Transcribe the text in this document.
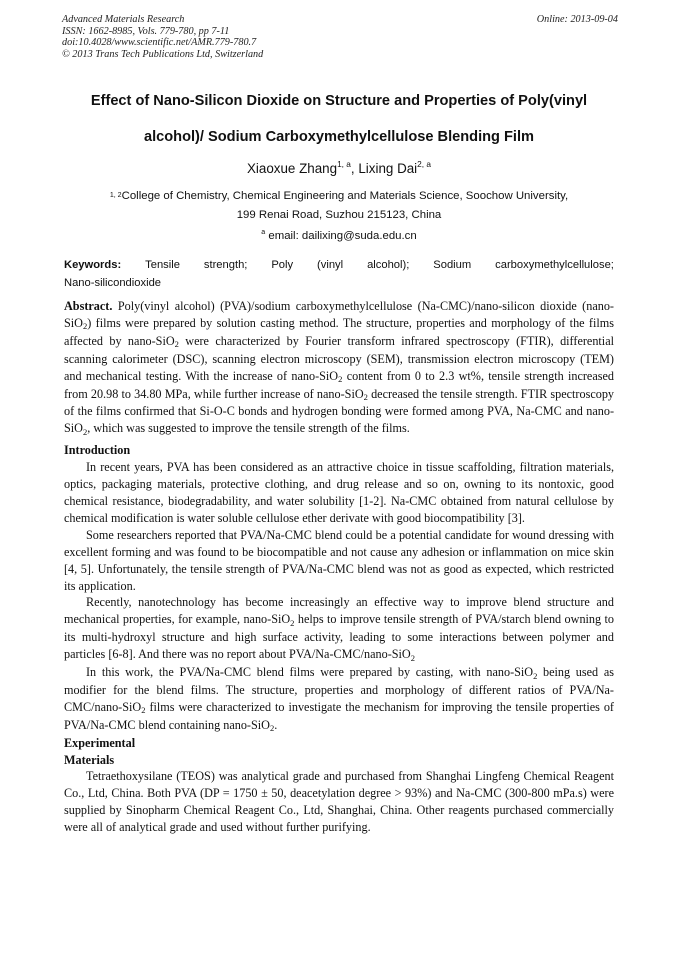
Advanced Materials Research
ISSN: 1662-8985, Vols. 779-780, pp 7-11
doi:10.4028/www.scientific.net/AMR.779-780.7
© 2013 Trans Tech Publications Ltd, Switzerland
Online: 2013-09-04
Effect of Nano-Silicon Dioxide on Structure and Properties of Poly(vinyl
alcohol)/ Sodium Carboxymethylcellulose Blending Film
Xiaoxue Zhang$^{1, a}$, Lixing Dai$^{2, a}$
$^{1, 2}$College of Chemistry, Chemical Engineering and Materials Science, Soochow University,
199 Renai Road, Suzhou 215123, China
$^a$ email: dailixing@suda.edu.cn
Keywords: Tensile strength; Poly (vinyl alcohol); Sodium carboxymethylcellulose;
Nano-silicondioxide

Abstract. Poly(vinyl alcohol) (PVA)/sodium carboxymethylcellulose (Na-CMC)/nano-silicon dioxide (nano-SiO$_2$) films were prepared by solution casting method. The structure, properties and morphology of the films affected by nano-SiO$_2$ were characterized by Fourier transform infrared spectroscopy (FTIR), differential scanning calorimeter (DSC), scanning electron microscopy (SEM), transmission electron microscopy (TEM) and mechanical testing. With the increase of nano-SiO$_2$ content from 0 to 2.3 wt%, tensile strength increased from 20.98 to 34.80 MPa, while further increase of nano-SiO$_2$ decreased the tensile strength. FTIR spectroscopy of the films confirmed that Si-O-C bonds and hydrogen bonding were formed among PVA, Na-CMC and nano-SiO$_2$, which was suggested to improve the tensile strength of the films.

Introduction

In recent years, PVA has been considered as an attractive choice in tissue scaffolding, filtration materials, optics, packaging materials, protective clothing, and drug release and so on, owning to its nontoxic, good chemical resistance, biodegradability, and water solubility [1-2]. Na-CMC obtained from natural cellulose by chemical modification is water soluble cellulose ether derivate with good biocompatibility [3].

Some researchers reported that PVA/Na-CMC blend could be a potential candidate for wound dressing with excellent forming and was found to be biocompatible and not cause any adhesion or inflammation on mice skin [4, 5]. Unfortunately, the tensile strength of PVA/Na-CMC blend was not as good as expected, which restricted its application.

Recently, nanotechnology has become increasingly an effective way to improve blend structure and mechanical properties, for example, nano-SiO$_2$ helps to improve tensile strength of PVA/starch blend owning to its multi-hydroxyl structure and high surface activity, leading to some interactions between polymer and particles [6-8]. And there was no report about PVA/Na-CMC/nano-SiO$_2$

In this work, the PVA/Na-CMC blend films were prepared by casting, with nano-SiO$_2$ being used as modifier for the blend films. The structure, properties and morphology of different ratios of PVA/Na-CMC/nano-SiO$_2$ films were characterized to investigate the mechanism for improving the tensile properties of PVA/Na-CMC blend containing nano-SiO$_2$.

Experimental

Materials

Tetraethoxysilane (TEOS) was analytical grade and purchased from Shanghai Lingfeng Chemical Reagent Co., Ltd, China. Both PVA (DP = 1750 ± 50, deacetylation degree > 93%) and Na-CMC (300-800 mPa.s) were supplied by Sinopharm Chemical Reagent Co., Ltd, Shanghai, China. Other reagents purchased commercially were all of analytical grade and used without further purifying.
